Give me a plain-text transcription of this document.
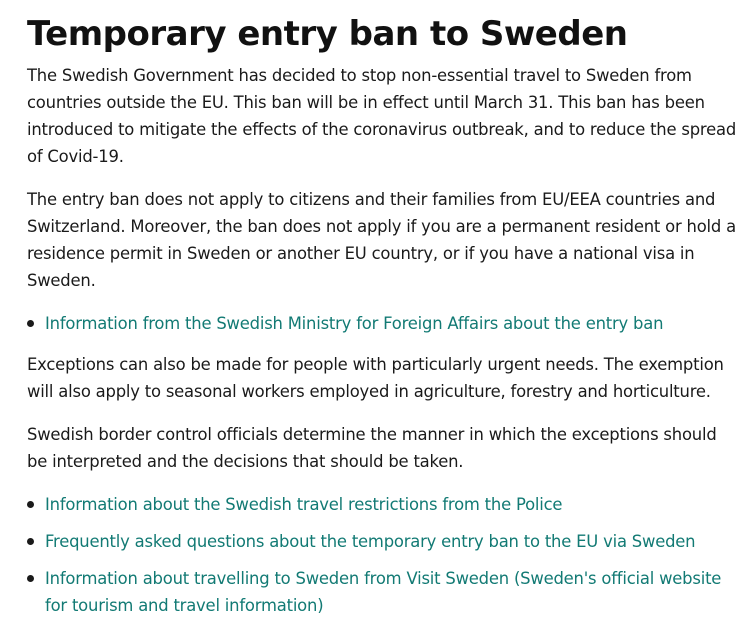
Temporary entry ban to Sweden

The Swedish Government has decided to stop non-essential travel to Sweden from countries outside the EU. This ban will be in effect until March 31. This ban has been introduced to mitigate the effects of the coronavirus outbreak, and to reduce the spread of Covid-19.

The entry ban does not apply to citizens and their families from EU/EEA countries and Switzerland. Moreover, the ban does not apply if you are a permanent resident or hold a residence permit in Sweden or another EU country, or if you have a national visa in Sweden.

Information from the Swedish Ministry for Foreign Affairs about the entry ban

Exceptions can also be made for people with particularly urgent needs. The exemption will also apply to seasonal workers employed in agriculture, forestry and horticulture.

Swedish border control officials determine the manner in which the exceptions should be interpreted and the decisions that should be taken.

Information about the Swedish travel restrictions from the Police
Frequently asked questions about the temporary entry ban to the EU via Sweden
Information about travelling to Sweden from Visit Sweden (Sweden's official website for tourism and travel information)
